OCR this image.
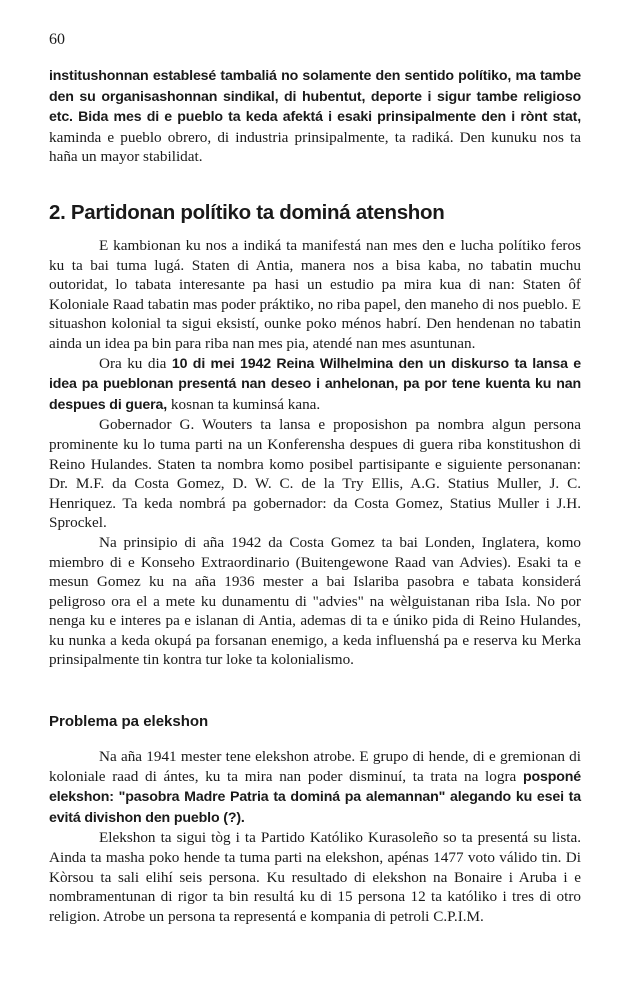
60

institushonnan establesé tambaliá no solamente den sentido polítiko, ma tambe den su organisashonnan sindikal, di hubentut, deporte i sigur tambe religioso etc. Bida mes di e pueblo ta keda afektá i esaki prinsipalmente den i rònt stat, kaminda e pueblo obrero, di industria prinsipalmente, ta radiká. Den kunuku nos ta haña un mayor stabilidat.

2. Partidonan polítiko ta dominá atenshon

E kambionan ku nos a indiká ta manifestá nan mes den e lucha polítiko feros ku ta bai tuma lugá. Staten di Antia, manera nos a bisa kaba, no tabatin muchu outoridat, lo tabata interesante pa hasi un estudio pa mira kua di nan: Staten ôf Koloniale Raad tabatin mas poder práktiko, no riba papel, den maneho di nos pueblo. E situashon kolonial ta sigui eksistí, ounke poko ménos habrí. Den hendenan no tabatin ainda un idea pa bin para riba nan mes pia, atendé nan mes asuntunan.

Ora ku dia 10 di mei 1942 Reina Wilhelmina den un diskurso ta lansa e idea pa pueblonan presentá nan deseo i anhelonan, pa por tene kuenta ku nan despues di guera, kosnan ta kuminsá kana.

Gobernador G. Wouters ta lansa e proposishon pa nombra algun persona prominente ku lo tuma parti na un Konferensha despues di guera riba konstitushon di Reino Hulandes. Staten ta nombra komo posibel partisipante e siguiente personanan: Dr. M.F. da Costa Gomez, D. W. C. de la Try Ellis, A.G. Statius Muller, J. C. Henriquez. Ta keda nombrá pa gobernador: da Costa Gomez, Statius Muller i J.H. Sprockel.

Na prinsipio di aña 1942 da Costa Gomez ta bai Londen, Inglatera, komo miembro di e Konseho Extraordinario (Buitengewone Raad van Advies). Esaki ta e mesun Gomez ku na aña 1936 mester a bai Islariba pasobra e tabata konsiderá peligroso ora el a mete ku dunamentu di "advies" na wèlguistanan riba Isla. No por nenga ku e interes pa e islanan di Antia, ademas di ta e úniko pida di Reino Hulandes, ku nunka a keda okupá pa forsanan enemigo, a keda influenshá pa e reserva ku Merka prinsipalmente tin kontra tur loke ta kolonialismo.

Problema pa elekshon

Na aña 1941 mester tene elekshon atrobe. E grupo di hende, di e gremionan di koloniale raad di ántes, ku ta mira nan poder disminuí, ta trata na logra posponé elekshon: "pasobra Madre Patria ta dominá pa alemannan" alegando ku esei ta evitá divishon den pueblo (?).

Elekshon ta sigui tòg i ta Partido Katóliko Kurasoleño so ta presentá su lista. Ainda ta masha poko hende ta tuma parti na elekshon, apénas 1477 voto válido tin. Di Kòrsou ta sali elihí seis persona. Ku resultado di elekshon na Bonaire i Aruba i e nombramentunan di rigor ta bin resultá ku di 15 persona 12 ta katóliko i tres di otro religion. Atrobe un persona ta representá e kompania di petroli C.P.I.M.
